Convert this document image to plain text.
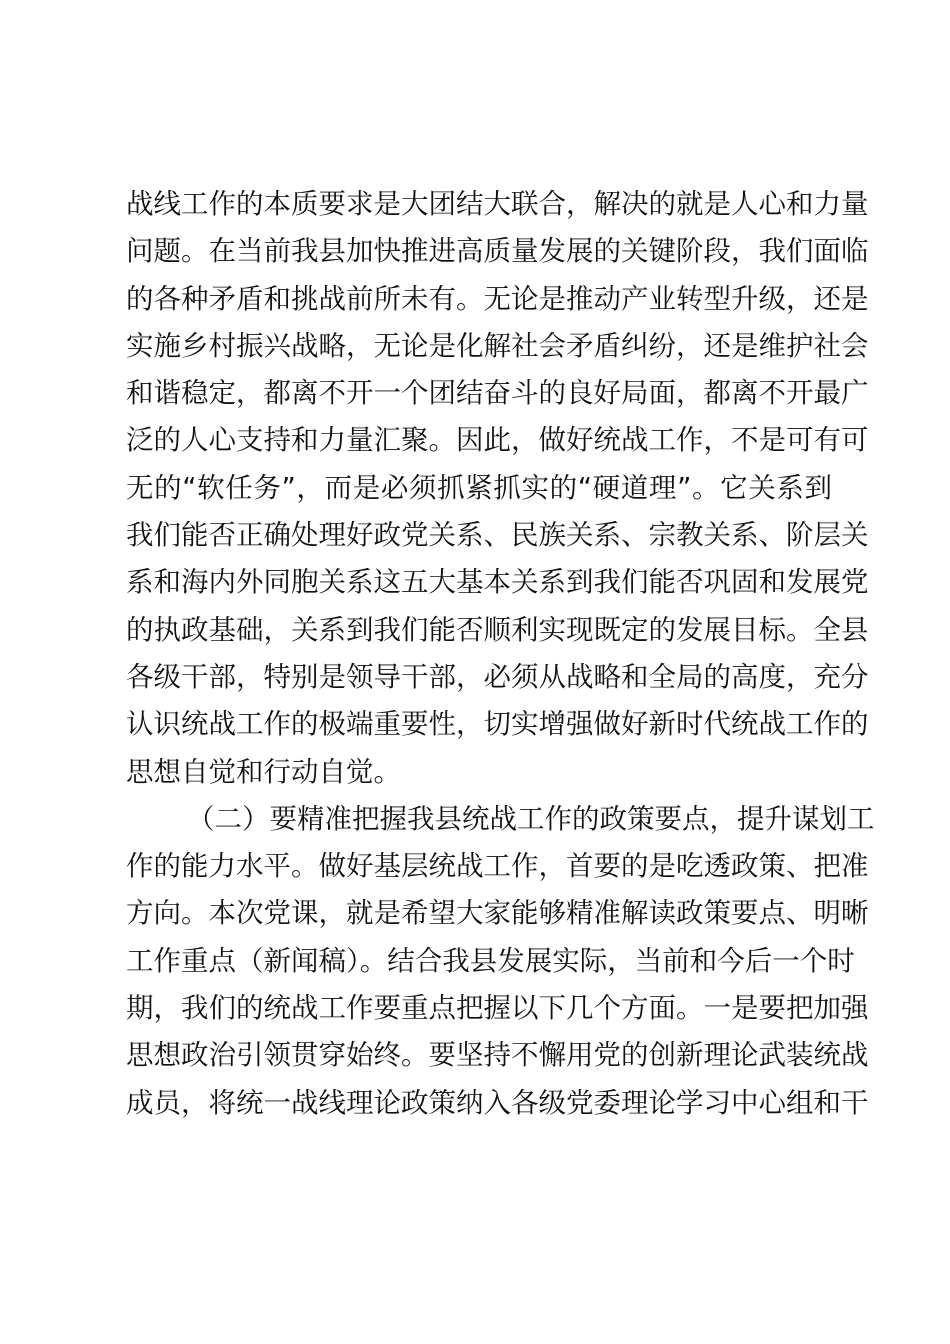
战线工作的本质要求是大团结大联合，解决的就是人心和力量
问题。在当前我县加快推进高质量发展的关键阶段，我们面临
的各种矛盾和挑战前所未有。无论是推动产业转型升级，还是
实施乡村振兴战略，无论是化解社会矛盾纠纷，还是维护社会
和谐稳定，都离不开一个团结奋斗的良好局面，都离不开最广
泛的人心支持和力量汇聚。因此，做好统战工作，不是可有可
无的“软任务”，而是必须抓紧抓实的“硬道理”。它关系到
我们能否正确处理好政党关系、民族关系、宗教关系、阶层关
系和海内外同胞关系这五大基本关系到我们能否巩固和发展党
的执政基础，关系到我们能否顺利实现既定的发展目标。全县
各级干部，特别是领导干部，必须从战略和全局的高度，充分
认识统战工作的极端重要性，切实增强做好新时代统战工作的
思想自觉和行动自觉。
（二）要精准把握我县统战工作的政策要点，提升谋划工
作的能力水平。做好基层统战工作，首要的是吃透政策、把准
方向。本次党课，就是希望大家能够精准解读政策要点、明晰
工作重点（新闻稿）。结合我县发展实际，当前和今后一个时
期，我们的统战工作要重点把握以下几个方面。一是要把加强
思想政治引领贯穿始终。要坚持不懈用党的创新理论武装统战
成员，将统一战线理论政策纳入各级党委理论学习中心组和干
